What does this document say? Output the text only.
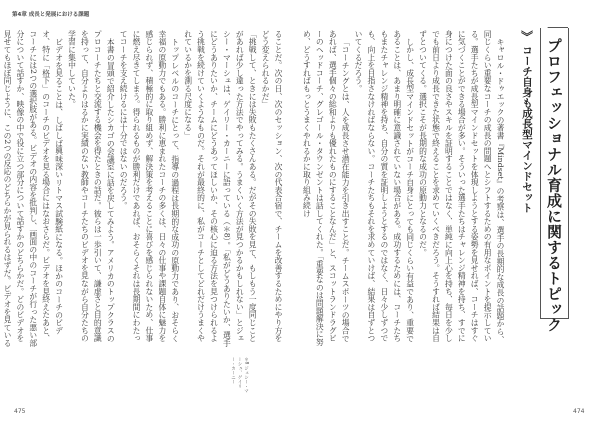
第4章 成長と発展における課題

ることだ。次の日、次のセッション、次の代表合宿で、チームを改善するためにやり方をどう変えられるかだ」

「挑戦して、ときには失敗もたくさんある。だがその失敗を見て、もしもう一度同じことがあれば少し違った方法でやってみる。うまくいく方法が見つかるかもしれない」とジェシー・マーシュは、ゲイリー・カーニーに語っている（＊8）。「私がどうありたいか、選手にどうありたいか、チームにどうあってほしいか、その核心に迫る方法を見つけられるよう挑戦を続けていくようなものだ。それが最終的に、私がコーチとしてどれだけうまくやれているかを測る尺度になる」

トップレベルのコーチにとって、指導の過程は長期的な成功の原動力であり、おそらく幸福の原動力でもある。勝利に恵まれたコーチの多くは、日々の仕事や課題自体に魅力を感じられず、積極的に取り組めず、解決策を考えることに喜びを感じられないため、仕事に燃え尽きてしまう。得られるものが勝利だけであれば、おそらくそれは長期間にわたってコーチを支え続けるには十分ではないのだろう。

本書の冒頭で紹介したシカゴの会議室に話を戻してみよう。アメリカのトップクラスのプロコーチたちと交流する機会を得たときの話だ。彼らは一歩引いて、謙虚さと目的意識を持って、自分よりはるかに実績のない教師やコーチたちのビデオを見ながら自分たちの学習に集中していた。

ビデオを見ることは、しばしば興味深いリトマス試験紙になる。ほかのコーチのビデオ、特に「格下」のコーチのビデオを見る場合にはなおさらだ。ビデオを見終えたあと、コーチには2つの選択肢がある。ビデオの内容を批判し、画面の中のコーチが行った悪い部分について話すか、映像の中で役に立つ部分について話すかのどちらかだ。どのビデオを見せてもほぼ同じように、この2つの反応のどちらかが見られるはずだ。ビデオを見ている

＊8 ジェシー・マーシュ、ゲイリー・カーニー
475
プロフェッショナル育成に関するトピック
︾
コーチ自身も成長型マインドセット

キャロル・ドゥエックの著書『Mindset』の考察は、選手の長期的な成長の話題から、同じくらい重要なコーチの成長の問題へとシフトするための有用なポイントを提示している。選手たちが成長型マインドセットを体現しようとする姿勢を見せれば、コーチはすぐに気づくことができる場合が多い。そういった選手たちはチャレンジ精神を持ち、すでに身につけた面の良さやスキルを証明することではなく、単純に向上心を持ち、毎日を少しでも前日より成長できた状態で終えることを求めていくべきだろう。そうすれば結果は自ずとついてくる。選択こそが長期的な成功の原動力となるのだ。

しかし、成長型マインドセットがコーチ自身にとっても同じくらい有益であり、重要であることは、あまり明確に意識されていない場合がある。成功するためには、コーチたちもまたチャレンジ精神を持ち、自分の質を証明しようとするのではなく、日々少しずつでも、向上を目指さなければならない。コーチたちもそれを求めていけば、結果は自ずとついてくるだろう。

「コーチングとは、人を成長させ潜在能力を引き出すことだ。チームスポーツの場合であれば、選手個々の総和よりも優れたものにすることなんだ」と、スコットランドラグビーのヘッドコーチ、グレゴール・タウンゼントは話してくれた。「重要なのは問題解決に努め、どうすればもっとうまくやれるかに取り組み続け

474
